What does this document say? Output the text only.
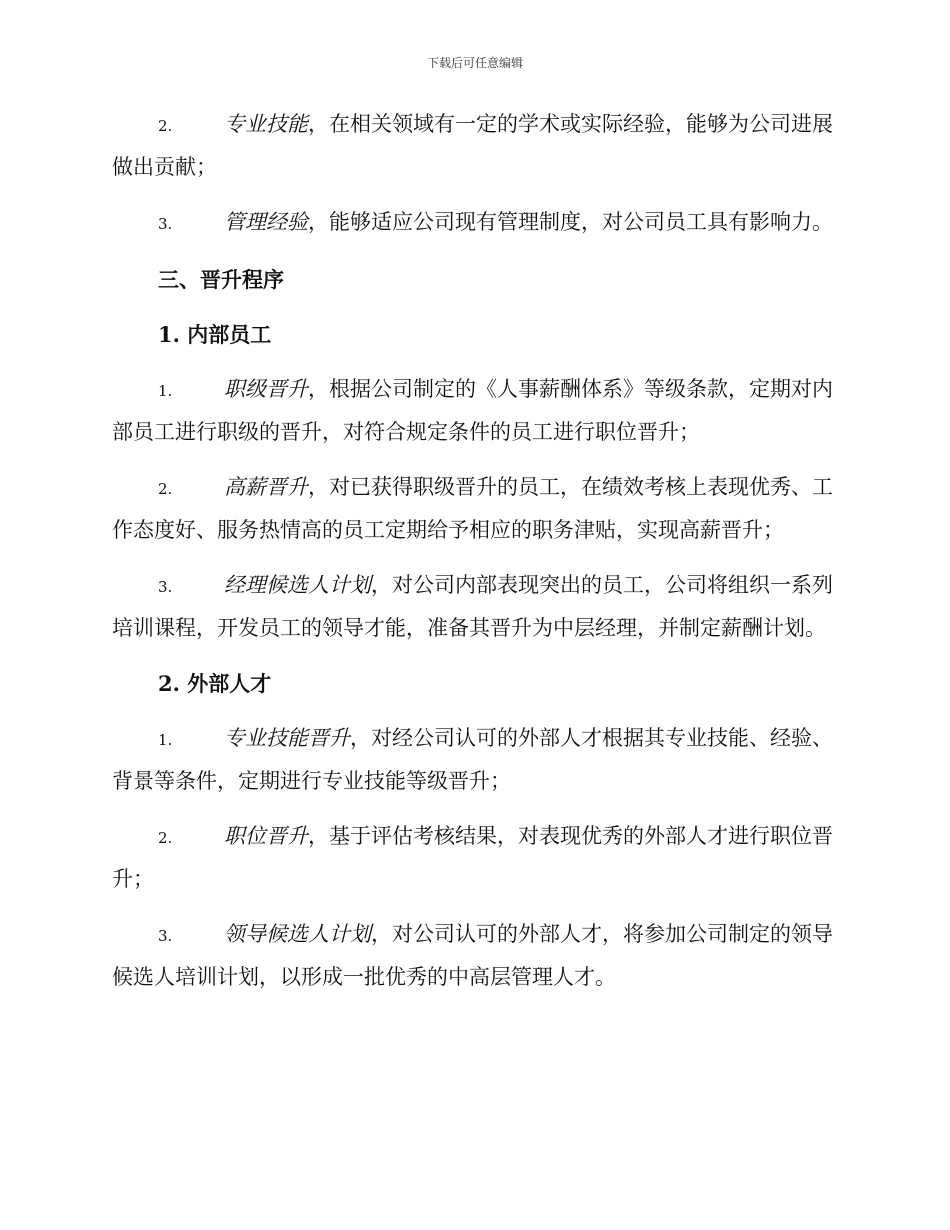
下载后可任意编辑

2. 专业技能，在相关领域有一定的学术或实际经验，能够为公司进展做出贡献；

3. 管理经验，能够适应公司现有管理制度，对公司员工具有影响力。

三、晋升程序

1. 内部员工

1. 职级晋升，根据公司制定的《人事薪酬体系》等级条款，定期对内部员工进行职级的晋升，对符合规定条件的员工进行职位晋升；

2. 高薪晋升，对已获得职级晋升的员工，在绩效考核上表现优秀、工作态度好、服务热情高的员工定期给予相应的职务津贴，实现高薪晋升；

3. 经理候选人计划，对公司内部表现突出的员工，公司将组织一系列培训课程，开发员工的领导才能，准备其晋升为中层经理，并制定薪酬计划。

2. 外部人才

1. 专业技能晋升，对经公司认可的外部人才根据其专业技能、经验、背景等条件，定期进行专业技能等级晋升；

2. 职位晋升，基于评估考核结果，对表现优秀的外部人才进行职位晋升；

3. 领导候选人计划，对公司认可的外部人才，将参加公司制定的领导候选人培训计划，以形成一批优秀的中高层管理人才。
